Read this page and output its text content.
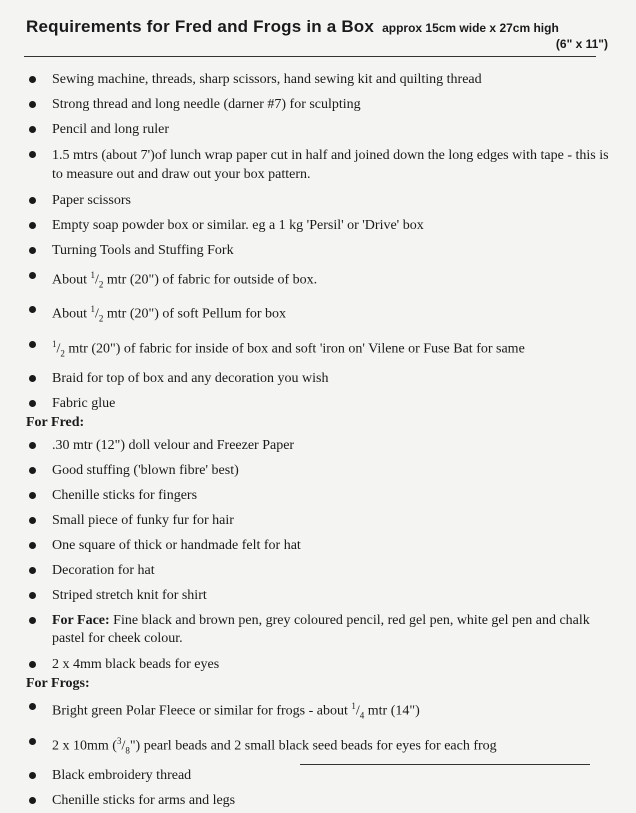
Requirements for Fred and Frogs in a Box approx 15cm wide x 27cm high
(6" x 11")
Sewing machine, threads, sharp scissors, hand sewing kit and quilting thread
Strong thread and long needle (darner #7) for sculpting
Pencil and long ruler
1.5 mtrs (about 7')of lunch wrap paper cut in half and joined down the long edges with tape - this is to measure out and draw out your box pattern.
Paper scissors
Empty soap powder box or similar. eg a 1 kg 'Persil' or 'Drive' box
Turning Tools and Stuffing Fork
About $^1/_2$ mtr (20") of fabric for outside of box.
About $^1/_2$ mtr (20") of soft Pellum for box
$^1/_2$ mtr (20") of fabric for inside of box and soft 'iron on' Vilene or Fuse Bat for same
Braid for top of box and any decoration you wish
Fabric glue
For Fred:
.30 mtr (12") doll velour and Freezer Paper
Good stuffing ('blown fibre' best)
Chenille sticks for fingers
Small piece of funky fur for hair
One square of thick or handmade felt for hat
Decoration for hat
Striped stretch knit for shirt
For Face: Fine black and brown pen, grey coloured pencil, red gel pen, white gel pen and chalk pastel for cheek colour.
2 x 4mm black beads for eyes
For Frogs:
Bright green Polar Fleece or similar for frogs - about $^1/_4$ mtr (14")
2 x 10mm $(^3/_8")$ pearl beads and 2 small black seed beads for eyes for each frog
Black embroidery thread
Chenille sticks for arms and legs
